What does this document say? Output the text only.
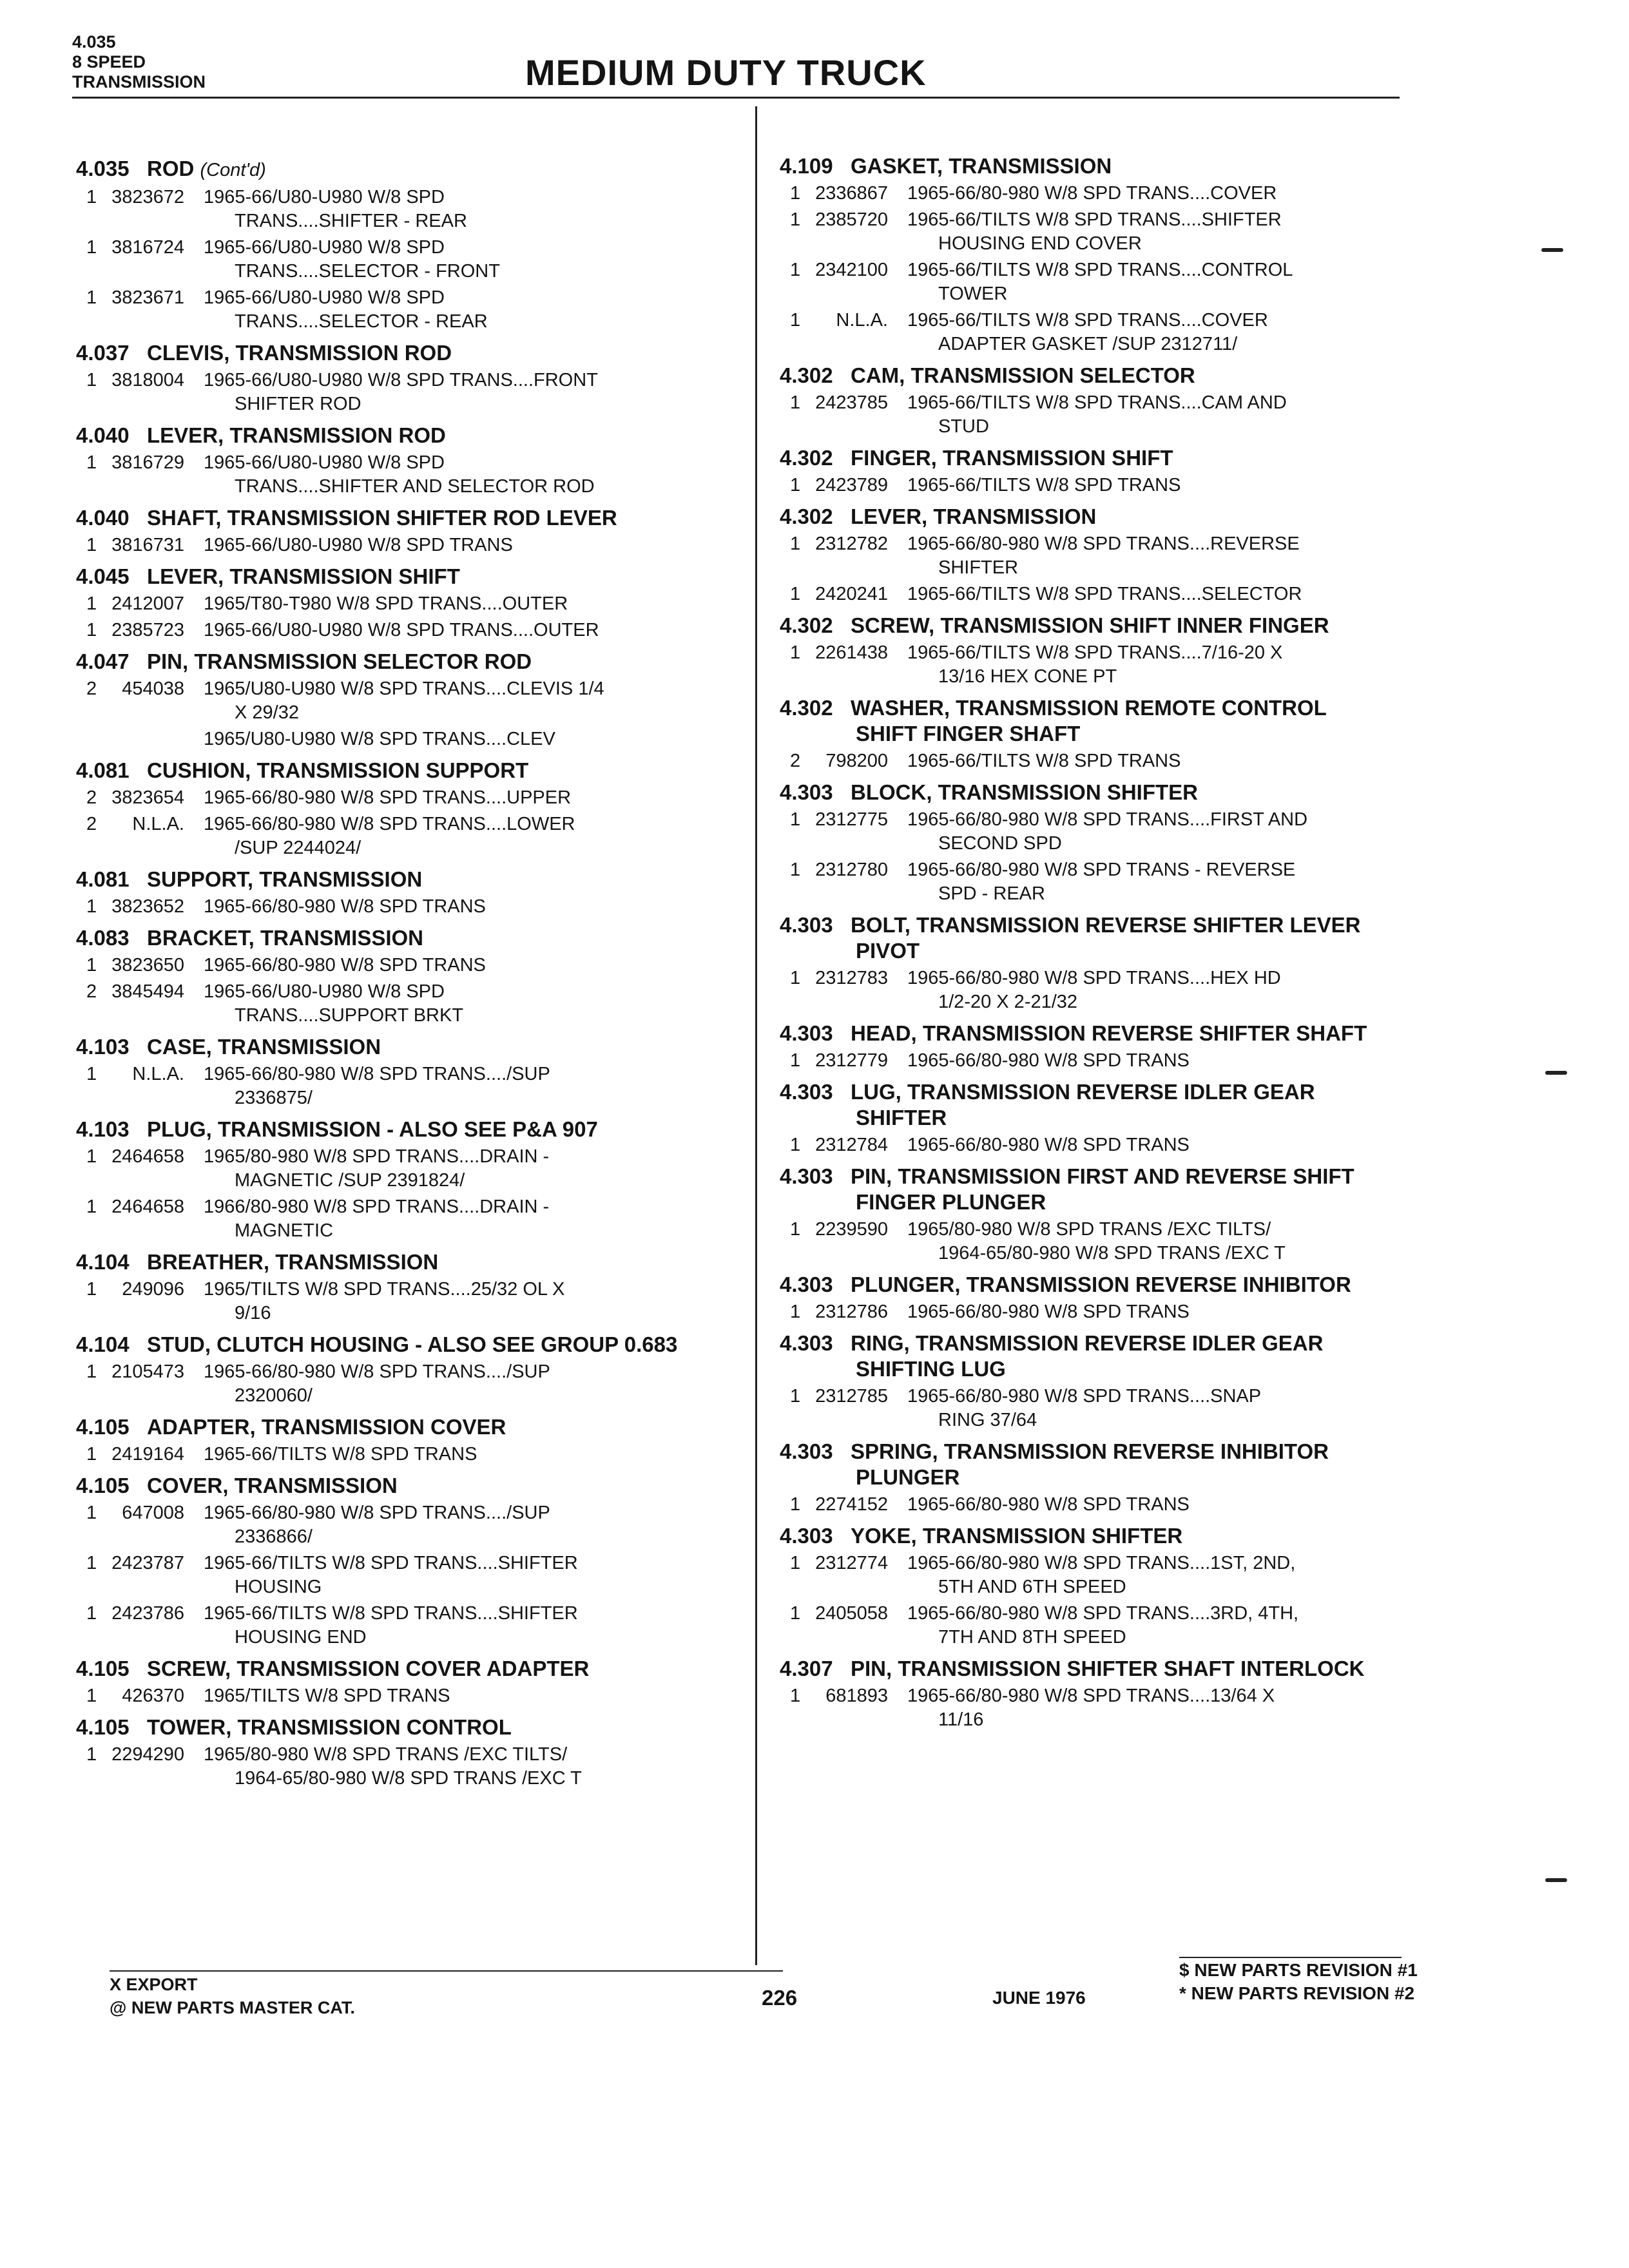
4.035
8 SPEED
TRANSMISSION	MEDIUM DUTY TRUCK
4.035 ROD (Cont'd)
1 3823672	1965-66/U80-U980 W/8 SPD
TRANS....SHIFTER - REAR
1 3816724	1965-66/U80-U980 W/8 SPD
TRANS....SELECTOR - FRONT
1 3823671	1965-66/U80-U980 W/8 SPD
TRANS....SELECTOR - REAR
4.037 CLEVIS, TRANSMISSION ROD
1 3818004	1965-66/U80-U980 W/8 SPD TRANS....FRONT
SHIFTER ROD
4.040 LEVER, TRANSMISSION ROD
1 3816729	1965-66/U80-U980 W/8 SPD
TRANS....SHIFTER AND SELECTOR ROD
4.040 SHAFT, TRANSMISSION SHIFTER ROD LEVER
1 3816731	1965-66/U80-U980 W/8 SPD TRANS
4.045 LEVER, TRANSMISSION SHIFT
1 2412007	1965/T80-T980 W/8 SPD TRANS....OUTER
1 2385723	1965-66/U80-U980 W/8 SPD TRANS....OUTER
4.047 PIN, TRANSMISSION SELECTOR ROD
2	454038	1965/U80-U980 W/8 SPD TRANS....CLEVIS 1/4
X 29/32
1965/U80-U980 W/8 SPD TRANS....CLEV
4.081 CUSHION, TRANSMISSION SUPPORT
2 3823654	1965-66/80-980 W/8 SPD TRANS....UPPER
2	N.L.A.	1965-66/80-980 W/8 SPD TRANS....LOWER
/SUP 2244024/
4.081 SUPPORT, TRANSMISSION
1 3823652	1965-66/80-980 W/8 SPD TRANS
4.083 BRACKET, TRANSMISSION
1 3823650	1965-66/80-980 W/8 SPD TRANS
2 3845494	1965-66/U80-U980 W/8 SPD
TRANS....SUPPORT BRKT
4.103 CASE, TRANSMISSION
1	N.L.A.	1965-66/80-980 W/8 SPD TRANS..../SUP
2336875/
4.103 PLUG, TRANSMISSION - ALSO SEE P&A 907
1 2464658	1965/80-980 W/8 SPD TRANS....DRAIN -
MAGNETIC /SUP 2391824/
1 2464658	1966/80-980 W/8 SPD TRANS....DRAIN -
MAGNETIC
4.104 BREATHER, TRANSMISSION
1	249096	1965/TILTS W/8 SPD TRANS....25/32 OL X
9/16
4.104 STUD, CLUTCH HOUSING - ALSO SEE GROUP 0.683
1 2105473	1965-66/80-980 W/8 SPD TRANS..../SUP
2320060/
4.105 ADAPTER, TRANSMISSION COVER
1 2419164	1965-66/TILTS W/8 SPD TRANS
4.105 COVER, TRANSMISSION
1	647008	1965-66/80-980 W/8 SPD TRANS..../SUP
2336866/
1 2423787	1965-66/TILTS W/8 SPD TRANS....SHIFTER
HOUSING
1 2423786	1965-66/TILTS W/8 SPD TRANS....SHIFTER
HOUSING END
4.105 SCREW, TRANSMISSION COVER ADAPTER
1	426370	1965/TILTS W/8 SPD TRANS
4.105 TOWER, TRANSMISSION CONTROL
1 2294290	1965/80-980 W/8 SPD TRANS /EXC TILTS/
1964-65/80-980 W/8 SPD TRANS /EXC T
4.109 GASKET, TRANSMISSION
1 2336867	1965-66/80-980 W/8 SPD TRANS....COVER
1 2385720	1965-66/TILTS W/8 SPD TRANS....SHIFTER
HOUSING END COVER
1 2342100	1965-66/TILTS W/8 SPD TRANS....CONTROL
TOWER
1	N.L.A.	1965-66/TILTS W/8 SPD TRANS....COVER
ADAPTER GASKET /SUP 2312711/
4.302 CAM, TRANSMISSION SELECTOR
1 2423785	1965-66/TILTS W/8 SPD TRANS....CAM AND
STUD
4.302 FINGER, TRANSMISSION SHIFT
1 2423789	1965-66/TILTS W/8 SPD TRANS
4.302 LEVER, TRANSMISSION
1 2312782	1965-66/80-980 W/8 SPD TRANS....REVERSE
SHIFTER
1 2420241	1965-66/TILTS W/8 SPD TRANS....SELECTOR
4.302 SCREW, TRANSMISSION SHIFT INNER FINGER
1 2261438	1965-66/TILTS W/8 SPD TRANS....7/16-20 X
13/16 HEX CONE PT
4.302 WASHER, TRANSMISSION REMOTE CONTROL
SHIFT FINGER SHAFT
2	798200	1965-66/TILTS W/8 SPD TRANS
4.303 BLOCK, TRANSMISSION SHIFTER
1 2312775	1965-66/80-980 W/8 SPD TRANS....FIRST AND
SECOND SPD
1 2312780	1965-66/80-980 W/8 SPD TRANS - REVERSE
SPD - REAR
4.303 BOLT, TRANSMISSION REVERSE SHIFTER LEVER
PIVOT
1 2312783	1965-66/80-980 W/8 SPD TRANS....HEX HD
1/2-20 X 2-21/32
4.303 HEAD, TRANSMISSION REVERSE SHIFTER SHAFT
1 2312779	1965-66/80-980 W/8 SPD TRANS
4.303 LUG, TRANSMISSION REVERSE IDLER GEAR
SHIFTER
1 2312784	1965-66/80-980 W/8 SPD TRANS
4.303 PIN, TRANSMISSION FIRST AND REVERSE SHIFT
FINGER PLUNGER
1 2239590	1965/80-980 W/8 SPD TRANS /EXC TILTS/
1964-65/80-980 W/8 SPD TRANS /EXC T
4.303 PLUNGER, TRANSMISSION REVERSE INHIBITOR
1 2312786	1965-66/80-980 W/8 SPD TRANS
4.303 RING, TRANSMISSION REVERSE IDLER GEAR
SHIFTING LUG
1 2312785	1965-66/80-980 W/8 SPD TRANS....SNAP
RING 37/64
4.303 SPRING, TRANSMISSION REVERSE INHIBITOR
PLUNGER
1 2274152	1965-66/80-980 W/8 SPD TRANS
4.303 YOKE, TRANSMISSION SHIFTER
1 2312774	1965-66/80-980 W/8 SPD TRANS....1ST, 2ND,
5TH AND 6TH SPEED
1 2405058	1965-66/80-980 W/8 SPD TRANS....3RD, 4TH,
7TH AND 8TH SPEED
4.307 PIN, TRANSMISSION SHIFTER SHAFT INTERLOCK
1	681893	1965-66/80-980 W/8 SPD TRANS....13/64 X
11/16
X EXPORT
@ NEW PARTS MASTER CAT.	226	JUNE 1976
$ NEW PARTS REVISION #1
* NEW PARTS REVISION #2
